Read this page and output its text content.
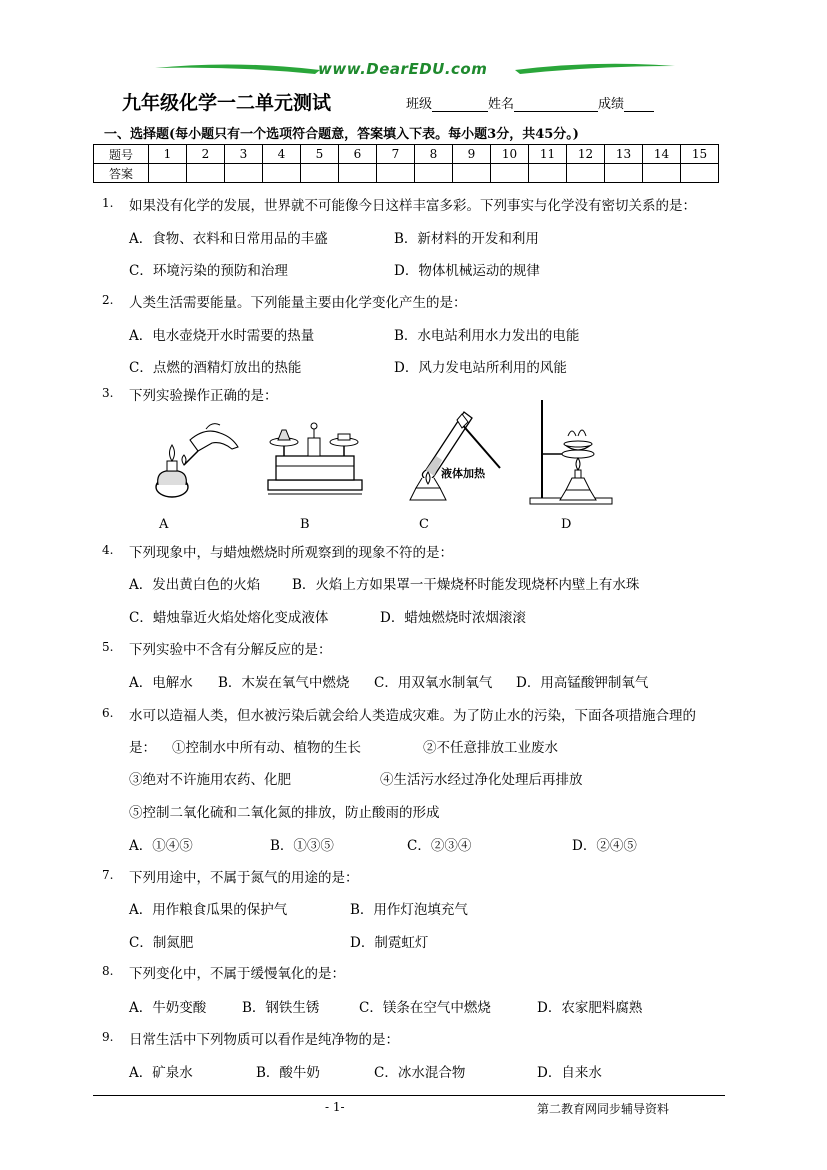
www.DearEDU.com
九年级化学一二单元测试	班级	姓名	成绩
一、选择题(每小题只有一个选项符合题意，答案填入下表。每小题3分，共45分。)
题号	1	2	3	4	5	6	7	8	9	10	11	12	13	14	15
答案															
1. 如果没有化学的发展，世界就不可能像今日这样丰富多彩。下列事实与化学没有密切关系的是：
A．食物、衣料和日常用品的丰盛	B．新材料的开发和利用
C．环境污染的预防和治理	D．物体机械运动的规律
2. 人类生活需要能量。下列能量主要由化学变化产生的是：
A．电水壶烧开水时需要的热量	B．水电站利用水力发出的电能
C．点燃的酒精灯放出的热能	D．风力发电站所利用的风能
3. 下列实验操作正确的是：
液体加热
A	B	C	D
4. 下列现象中，与蜡烛燃烧时所观察到的现象不符的是：
A．发出黄白色的火焰 B．火焰上方如果罩一干燥烧杯时能发现烧杯内壁上有水珠
C．蜡烛靠近火焰处熔化变成液体	D．蜡烛燃烧时浓烟滚滚
5. 下列实验中不含有分解反应的是：
A．电解水 B．木炭在氧气中燃烧 C．用双氧水制氧气 D．用高锰酸钾制氧气
6. 水可以造福人类，但水被污染后就会给人类造成灾难。为了防止水的污染，下面各项措施合理的
是： ①控制水中所有动、植物的生长	②不任意排放工业废水
③绝对不许施用农药、化肥	④生活污水经过净化处理后再排放
⑤控制二氧化硫和二氧化氮的排放，防止酸雨的形成
A．①④⑤	B．①③⑤	C．②③④	D．②④⑤
7. 下列用途中，不属于氮气的用途的是：
A．用作粮食瓜果的保护气	B．用作灯泡填充气
C．制氮肥	D．制霓虹灯
8. 下列变化中，不属于缓慢氧化的是：
A．牛奶变酸	B．钢铁生锈	C．镁条在空气中燃烧	D．农家肥料腐熟
9. 日常生活中下列物质可以看作是纯净物的是：
A．矿泉水	B．酸牛奶	C．冰水混合物	D．自来水
- 1-	第二教育网同步辅导资料
